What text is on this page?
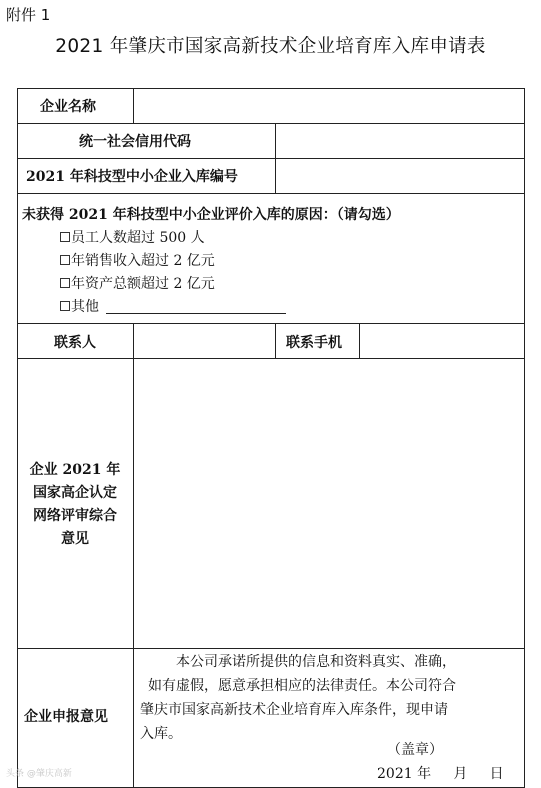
附件 1
2021 年肇庆市国家高新技术企业培育库入库申请表
企业名称
统一社会信用代码
2021 年科技型中小企业入库编号
未获得 2021 年科技型中小企业评价入库的原因：（请勾选）
员工人数超过 500 人
年销售收入超过 2 亿元
年资产总额超过 2 亿元
其他
联系人	联系手机
企业 2021 年
国家高企认定
网络评审综合
意见
企业申报意见

本公司承诺所提供的信息和资料真实、准确，

如有虚假，愿意承担相应的法律责任。本公司符合

肇庆市国家高新技术企业培育库入库条件，现申请

入库。

（盖章）
2021 年     月     日
头条 @肇庆高新
